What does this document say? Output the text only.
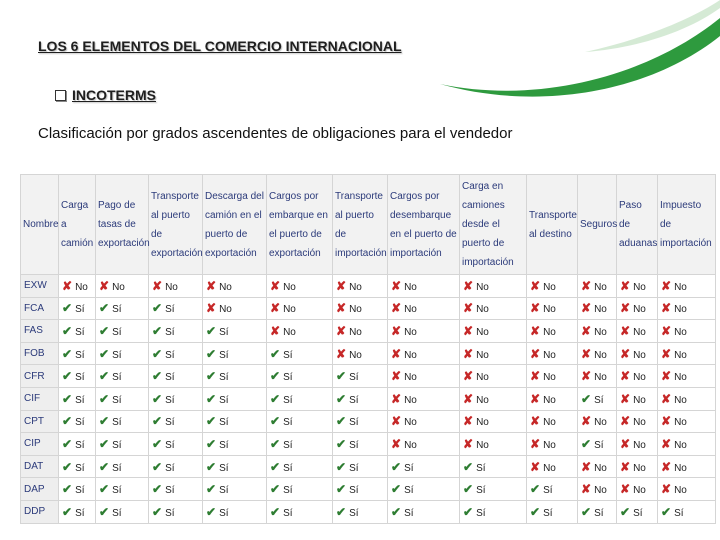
LOS 6 ELEMENTOS DEL COMERCIO INTERNACIONAL
INCOTERMS
Clasificación por grados ascendentes de obligaciones para el vendedor
Nombre	Carga a camión	Pago de tasas de exportación	Transporte al puerto de exportación	Descarga del camión en el puerto de exportación	Cargos por embarque en el puerto de exportación	Transporte al puerto de importación	Cargos por desembarque en el puerto de importación	Carga en camiones desde el puerto de importación	Transporte al destino	Seguros	Paso de aduanas	Impuesto de importación
EXW	✘ No	✘ No	✘ No	✘ No	✘ No	✘ No	✘ No	✘ No	✘ No	✘ No	✘ No	✘ No
FCA	✔ Sí	✔ Sí	✔ Sí	✘ No	✘ No	✘ No	✘ No	✘ No	✘ No	✘ No	✘ No	✘ No
FAS	✔ Sí	✔ Sí	✔ Sí	✔ Sí	✘ No	✘ No	✘ No	✘ No	✘ No	✘ No	✘ No	✘ No
FOB	✔ Sí	✔ Sí	✔ Sí	✔ Sí	✔ Sí	✘ No	✘ No	✘ No	✘ No	✘ No	✘ No	✘ No
CFR	✔ Sí	✔ Sí	✔ Sí	✔ Sí	✔ Sí	✔ Sí	✘ No	✘ No	✘ No	✘ No	✘ No	✘ No
CIF	✔ Sí	✔ Sí	✔ Sí	✔ Sí	✔ Sí	✔ Sí	✘ No	✘ No	✘ No	✔ Sí	✘ No	✘ No
CPT	✔ Sí	✔ Sí	✔ Sí	✔ Sí	✔ Sí	✔ Sí	✘ No	✘ No	✘ No	✘ No	✘ No	✘ No
CIP	✔ Sí	✔ Sí	✔ Sí	✔ Sí	✔ Sí	✔ Sí	✘ No	✘ No	✘ No	✔ Sí	✘ No	✘ No
DAT	✔ Sí	✔ Sí	✔ Sí	✔ Sí	✔ Sí	✔ Sí	✔ Sí	✔ Sí	✘ No	✘ No	✘ No	✘ No
DAP	✔ Sí	✔ Sí	✔ Sí	✔ Sí	✔ Sí	✔ Sí	✔ Sí	✔ Sí	✔ Sí	✘ No	✘ No	✘ No
DDP	✔ Sí	✔ Sí	✔ Sí	✔ Sí	✔ Sí	✔ Sí	✔ Sí	✔ Sí	✔ Sí	✔ Sí	✔ Sí	✔ Sí
